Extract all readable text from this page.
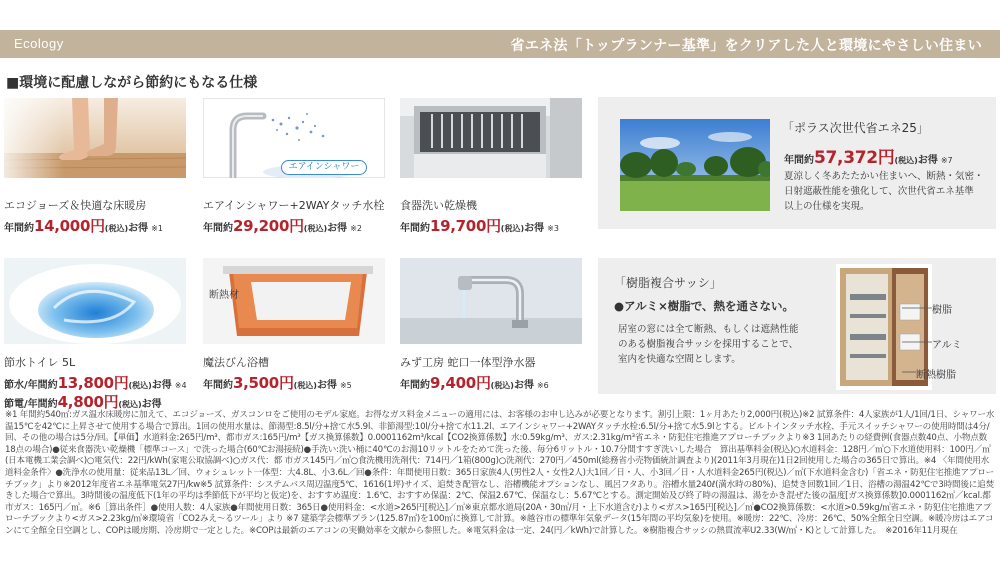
Ecology	省エネ法「トップランナー基準」をクリアした人と環境にやさしい住まい
■環境に配慮しながら節約にもなる仕様
エコジョーズ＆快適な床暖房
年間約14,000円(税込)お得 ※1
エアインシャワー
エアインシャワー+2WAYタッチ水栓
年間約29,200円(税込)お得 ※2
食器洗い乾燥機
年間約19,700円(税込)お得 ※3
節水トイレ 5L
節水/年間約13,800円(税込)お得 ※4
節電/年間約4,800円(税込)お得
断熱材
魔法びん浴槽
年間約3,500円(税込)お得 ※5
みず工房 蛇口一体型浄水器
年間約9,400円(税込)お得 ※6
「ポラス次世代省エネ25」
年間約57,372円(税込)お得 ※7
夏涼しく冬あたたかい住まいへ、断熱・気密・
日射遮蔽性能を強化して、次世代省エネ基準
以上の仕様を実現。
「樹脂複合サッシ」
●アルミ×樹脂で、熱を通さない。
居室の窓には全て断熱、もしくは遮熱性能
のある樹脂複合サッシを採用することで、
室内を快適な空間とします。
樹脂
アルミ
断熱樹脂
※1 年間約540㎡:ガス温水床暖房に加えて、エコジョーズ、ガスコンロをご使用のモデル家庭。お得なガス料金メニューの適用には、お客様のお申し込みが必要となります。割引上限：1ヶ月あたり2,000円(税込)※2 試算条件：4人家族が1人/1回/1日、シャワー水温15℃を42℃に上昇させて使用する場合で算出。1回の使用水量は、節湯型:8.5l/分+捨て水5.9l、非節湯型:10l/分+捨て水11.2l、エアインシャワー+2WAYタッチ水栓:6.5l/分+捨て水5.9lとする。ビルトインタッチ水栓、手元スイッチシャワーの使用時間は4分/回、その他の場合は5分/回。【単価】水道料金:265円/m³、都市ガス:165円/m³【ガス換算係数】0.0001162m³/kcal【CO2換算係数】水:0.59kg/m³、ガス:2.31kg/m³省エネ・防犯住宅推進アプローチブックより※3 1回あたりの経費例(食器点数40点、小物点数18点の場合)●従来食器洗い乾燥機「標準コース」で洗った場合(60℃お湯接続)●手洗い:洗い桶に40℃のお湯10リットルをためて洗った後、毎分6リットル・10.7分間すすぎ洗いした場合　算出基準料金(税込)○水道料金：128円／㎥○下水道使用料：100円／㎥(日本電機工業会調べ)○電気代：22円/kWh(家電公取協調べ)○ガス代：都 市ガス145円／㎥○食洗機用洗剤代：714円／1箱(800g)○洗剤代：270円／450ml(総務省小売物価統計調査より)(2011年3月現在)1日2回使用した場合の365日で算出。※4 〈年間使用水道料金条件〉●洗浄水の使用量：従来品13L／回、ウォシュレット一体型：大4.8L、小3.6L／回●条件：年間使用日数：365日家族4人(男性2人・女性2人)大1回／日・人、小3回／日・人水道料金265円(税込)／㎥(下水道料金含む)「省エネ・防犯住宅推進アプローチブック」より※2012年度省エネ基準電気27円/kw※5 試算条件：システムバス周辺温度5℃、1616(1坪)サイズ、追焚き配管なし、浴槽機能オプションなし、風呂フタあり。浴槽水量240ℓ(満水時の80%)、追焚き回数1回／1日、浴槽の湯温42℃で3時間後に追焚きした場合で算出。3時間後の温度低下(1年の平均は季節低下が平均と仮定)を、おすすめ温度：1.6℃、おすすめ保温：2℃、保温2.67℃、保温なし：5.67℃とする。測定開始及び終了時の湯温は、湯をかき混ぜた後の温度[ガス換算係数]0.0001162㎥／kcal.都市ガス：165円／㎥。※6［算出条件］●使用人数：4人家族●年間使用日数：365日●使用料金：<水道>265円[税込]／㎥※東京都水道局(20A・30㎥/月・上下水道含む)より<ガス>165円[税込]／㎥●CO2換算係数：<水道>0.59kg/㎥省エネ・防犯住宅推進アプローチブックより<ガス>2.23kg/㎥※環境省「CO2みえ～るツール」より ※7 建築学会標準プラン(125.87㎡)を100㎡に換算して計算。※越谷市の標準年気象データ(15年間の平均気象)を使用。※暖房：22℃、冷房：26℃、50%全館全日空調。※暖冷房はエアコンにて全館全日空調とし、COPは暖房期、冷房期で一定とした。※COPは最新のエアコンの実働効率を文献から参照した。※電気料金は一定、24(円／kWh)で計算した。※樹脂複合サッシの熱貫流率U2.33(W/㎡・K)として計算した。　※2016年11月現在
